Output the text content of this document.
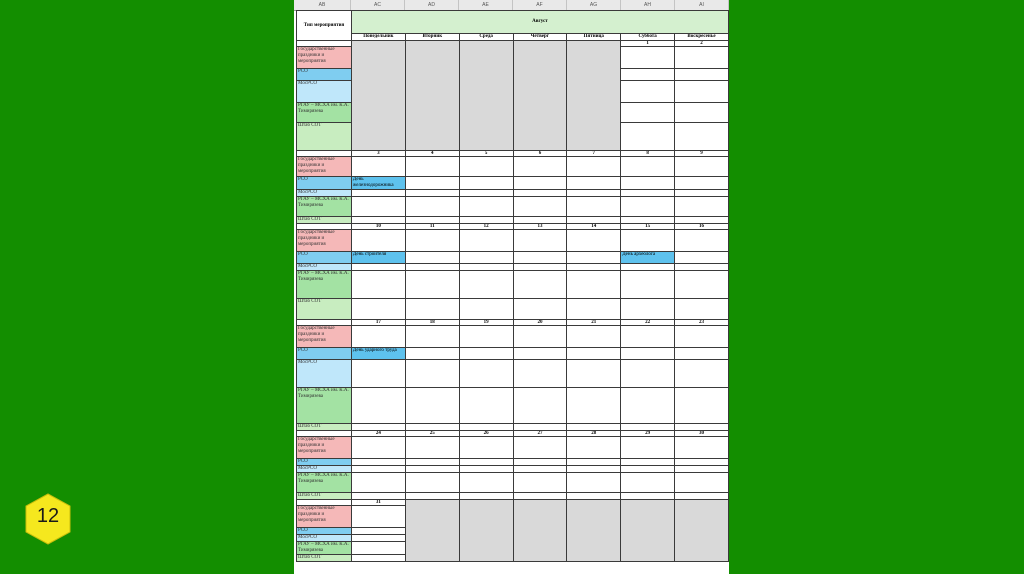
AB	AC	AD	AE	AF	AG	AH	AI
Тип мероприятия	Август						
	Понедельник	Вторник	Среда	Четверг	Пятница	Суббота	Воскресенье
						1	2
Государственные праздники и мероприятия							
РСО							
МосРСО							
РГАУ – МСХА им. К.А. Тимирязева							
Штаб СОТ							
	3	4	5	6	7	8	9
Государственные праздники и мероприятия							
РСО	День железнодорожника						
МосРСО							
РГАУ – МСХА им. К.А. Тимирязева							
Штаб СОТ							
	10	11	12	13	14	15	16
Государственные праздники и мероприятия							
РСО	День строителя					День археолога	
МосРСО							
РГАУ – МСХА им. К.А. Тимирязева							
Штаб СОТ							
	17	18	19	20	21	22	23
Государственные праздники и мероприятия							
РСО	День ударного труда						
МосРСО							
РГАУ – МСХА им. К.А. Тимирязева							
Штаб СОТ							
	24	25	26	27	28	29	30
Государственные праздники и мероприятия							
РСО							
МосРСО							
РГАУ – МСХА им. К.А. Тимирязева							
Штаб СОТ							
	31						
Государственные праздники и мероприятия							
РСО							
МосРСО							
РГАУ – МСХА им. К.А. Тимирязева							
Штаб СОТ							
12
